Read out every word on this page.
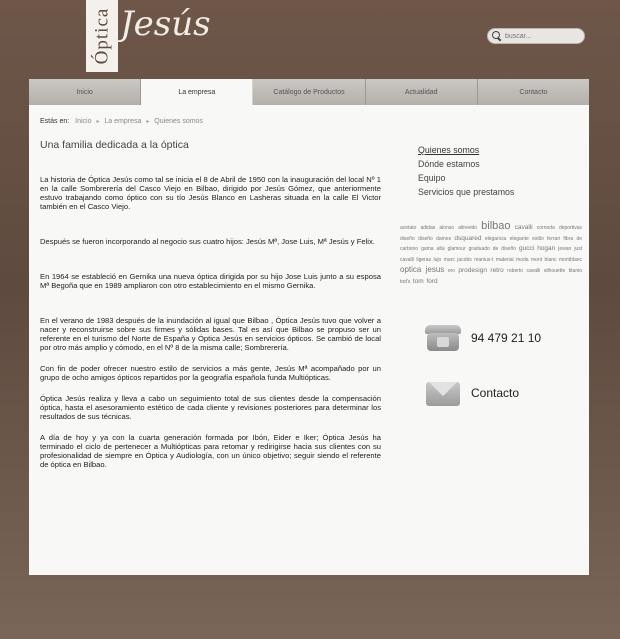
Óptica Jesús
buscar...
Inicio	La empresa	Catálogo de Productos	Actualidad	Contacto
Estás en: Inicio ▸ La empresa ▸ Quienes somos
Una familia dedicada a la óptica

La historia de Óptica Jesús como tal se inicia el 8 de Abril de 1950 con la inauguración del local Nº 1 en la calle Sombrerería del Casco Viejo en Bilbao, dirigido por Jesús Gómez, que anteriormente estuvo trabajando como óptico con su tío Jesús Blanco en Lasheras situada en la calle El Victor también en el Casco Viejo.

Después se fueron incorporando al negocio sus cuatro hijos: Jesús Mª, Jose Luis, Mª Jesús y Felix.

En 1964 se estableció en Gernika una nueva óptica dirigida por su hijo Jose Luis junto a su esposa Mª Begoña que en 1989 ampliaron con otro establecimiento en el mismo Gernika.

En el verano de 1983 después de la inundación al igual que Bilbao , Óptica Jesús tuvo que volver a nacer y reconstruirse sobre sus firmes y sólidas bases. Tal es así que Bilbao se propuso ser un referente en el turismo del Norte de España y Óptica Jesús en servicios ópticos. Se cambió de local por otro más amplio y cómodo, en el Nº 8 de la misma calle; Sombrerería.

Con fin de poder ofrecer nuestro estilo de servicios a más gente, Jesús Mª acompañado por un grupo de ocho amigos ópticos repartidos por la geografía española funda Multiópticas.

Óptica Jesús realiza y lleva a cabo un seguimiento total de sus clientes desde la compensación óptica, hasta el asesoramiento estético de cada cliente y revisiones posteriores para determinar los resultados de sus técnicas.

A día de hoy y ya con la cuarta generación formada por Ibón, Eider e Iker; Óptica Jesús ha terminado el ciclo de pertenecer a Multiópticas para retomar y redirigirse hacia sus clientes con su profesionalidad de siempre en Óptica y Audiología, con un único objetivo; seguir siendo el referente de óptica en Bilbao.

Quienes somos
Dónde estamos
Equipo
Servicios que prestamos
acetato adidas alonso altrevido bilbao cavalli cornoda deportivas diseño diseño dames dsquared elegancia elegante estilo ferrari fibra de carbono gama alta glamour graduado de diseño gucci hogan jewan just cavalli ligeras lujo marc jacobs manius-t material moda mont blanc montblanc optica jesus oro prodesign retro roberto cavalli silhouette titanio tod's tom ford
94 479 21 10
Contacto
